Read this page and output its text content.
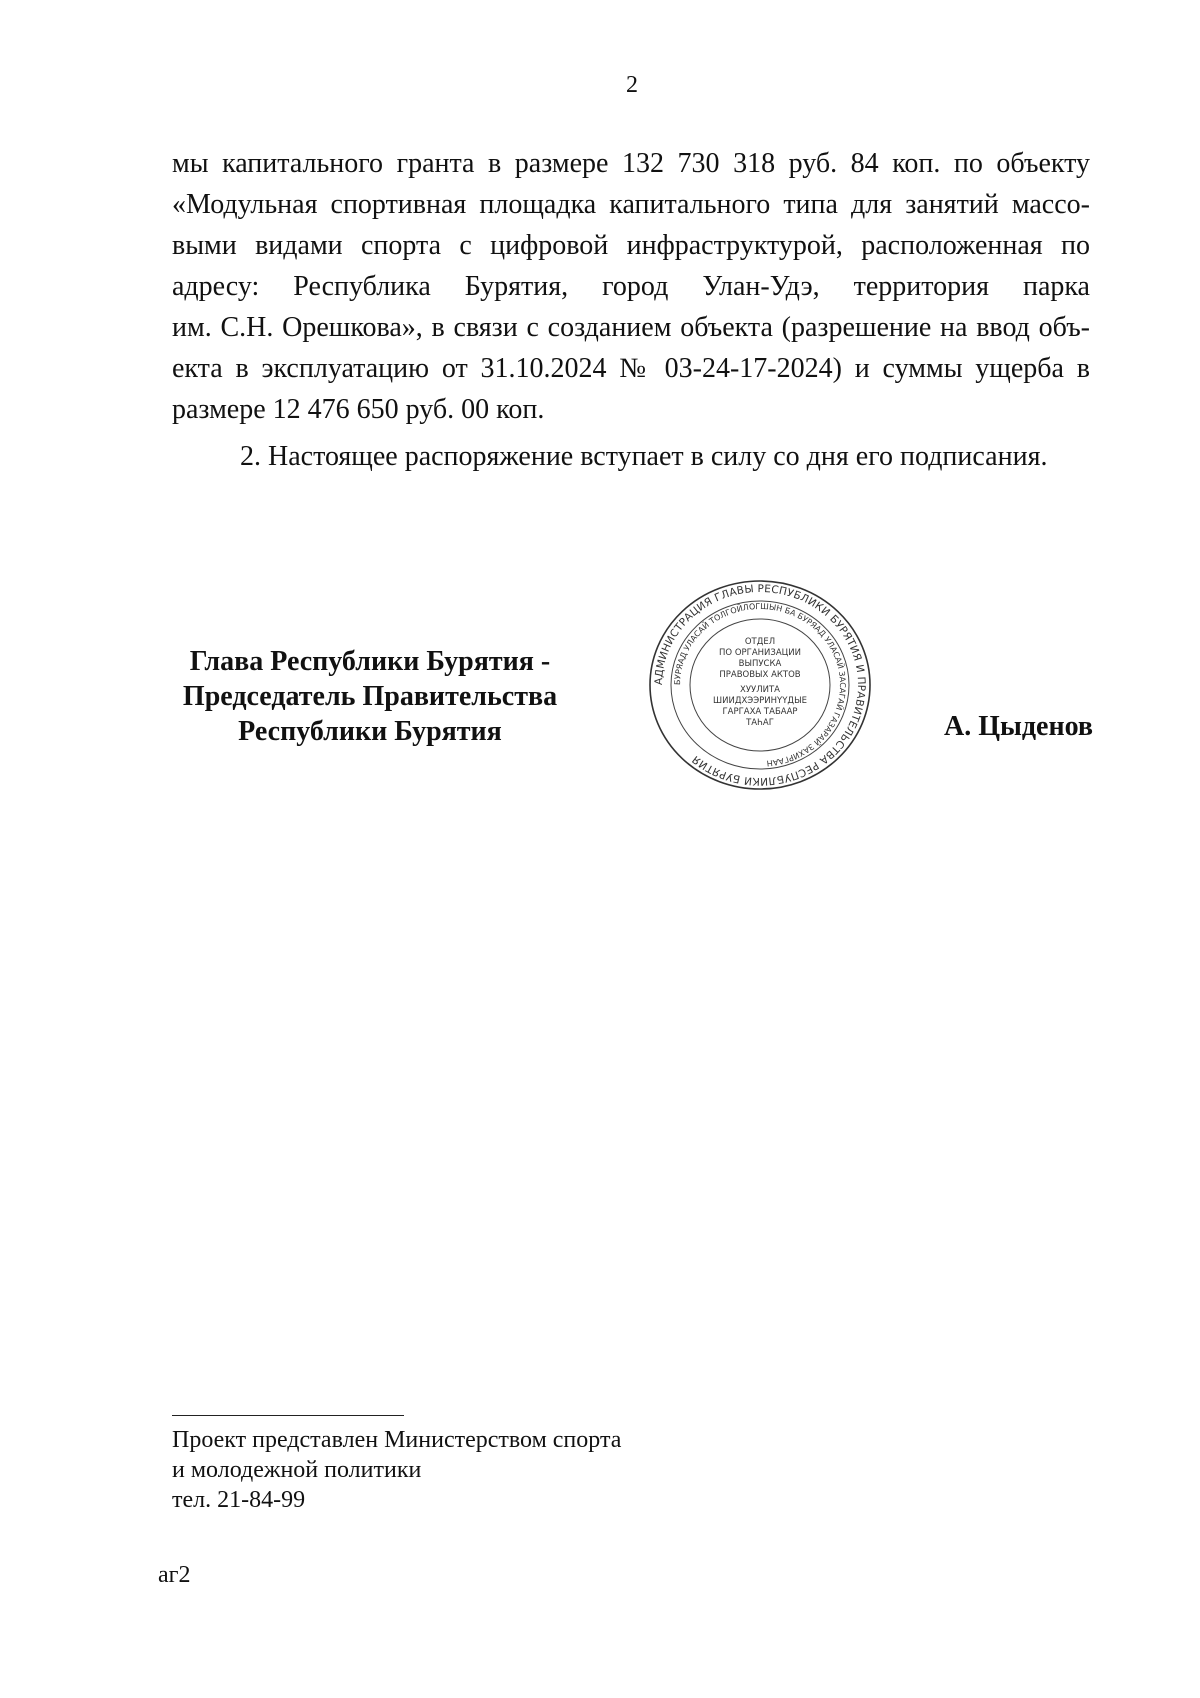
2
мы капитального гранта в размере 132 730 318 руб. 84 коп. по объекту
«Модульная спортивная площадка капитального типа для занятий массо-
выми видами спорта с цифровой инфраструктурой, расположенная по
адресу: Республика Бурятия, город Улан-Удэ, территория парка
им. С.Н. Орешкова», в связи с созданием объекта (разрешение на ввод объ-
екта в эксплуатацию от 31.10.2024 № 03-24-17-2024) и суммы ущерба в
размере 12 476 650 руб. 00 коп.
2. Настоящее распоряжение вступает в силу со дня его подписания.
Глава Республики Бурятия -
Председатель Правительства
Республики Бурятия
АДМИНИСТРАЦИЯ ГЛАВЫ РЕСПУБЛИКИ БУРЯТИЯ И ПРАВИТЕЛЬСТВА РЕСПУБЛИКИ БУРЯТИЯ
БУРЯАД УЛАСАЙ ТОЛГОЙЛОГШЫН БА БУРЯАД УЛАСАЙ ЗАСАГАЙ ГАЗАРАЙ ЗАХИРГААН
ОТДЕЛ
ПО ОРГАНИЗАЦИИ
ВЫПУСКА
ПРАВОВЫХ АКТОВ
ХУУЛИТА
ШИИДХЭЭРИНҮҮДЫЕ
ГАРГАХА ТАБААР
ТАҺАГ	А. Цыденов
Проект представлен Министерством спорта
и молодежной политики
тел. 21-84-99
аг2
